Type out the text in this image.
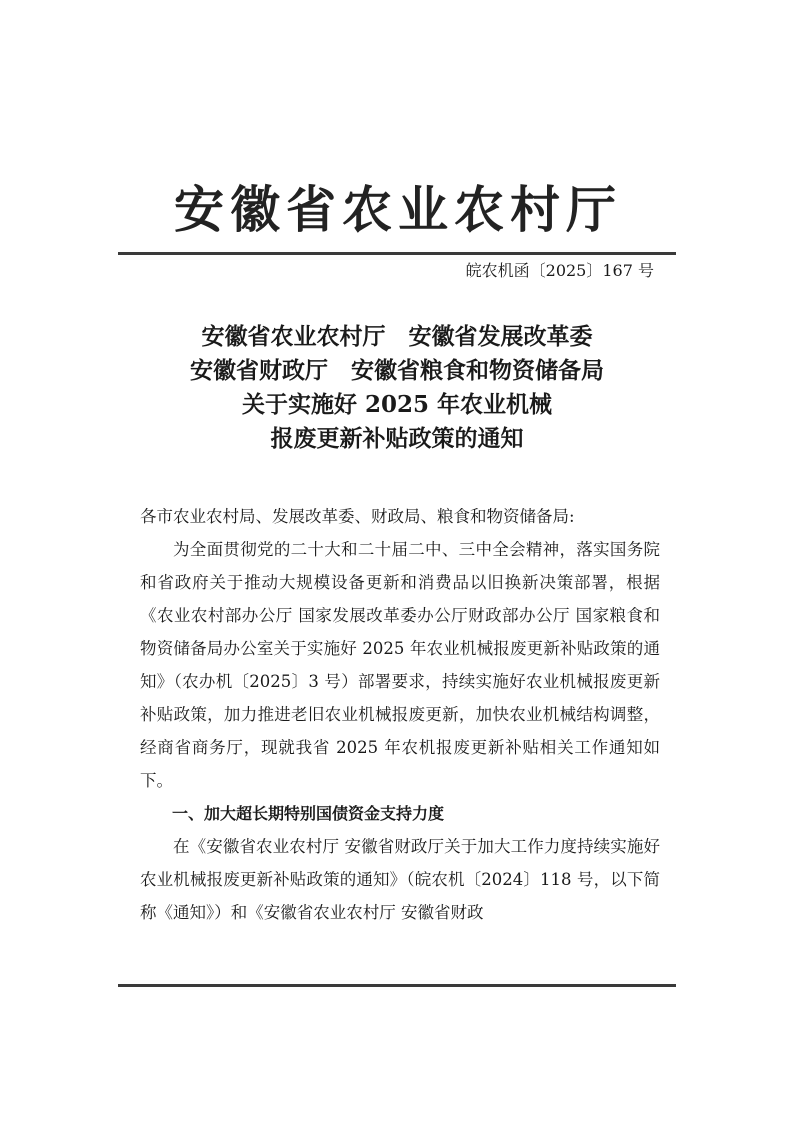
安徽省农业农村厅
皖农机函〔2025〕167 号
安徽省农业农村厅　安徽省发展改革委
安徽省财政厅　安徽省粮食和物资储备局
关于实施好 2025 年农业机械
报废更新补贴政策的通知
各市农业农村局、发展改革委、财政局、粮食和物资储备局:

为全面贯彻党的二十大和二十届二中、三中全会精神，落实国务院和省政府关于推动大规模设备更新和消费品以旧换新决策部署，根据《农业农村部办公厅 国家发展改革委办公厅财政部办公厅 国家粮食和物资储备局办公室关于实施好 2025 年农业机械报废更新补贴政策的通知》（农办机〔2025〕3 号）部署要求，持续实施好农业机械报废更新补贴政策，加力推进老旧农业机械报废更新，加快农业机械结构调整，经商省商务厅，现就我省 2025 年农机报废更新补贴相关工作通知如下。

一、加大超长期特别国债资金支持力度

在《安徽省农业农村厅 安徽省财政厅关于加大工作力度持续实施好农业机械报废更新补贴政策的通知》（皖农机〔2024〕118 号，以下简称《通知》）和《安徽省农业农村厅 安徽省财政
